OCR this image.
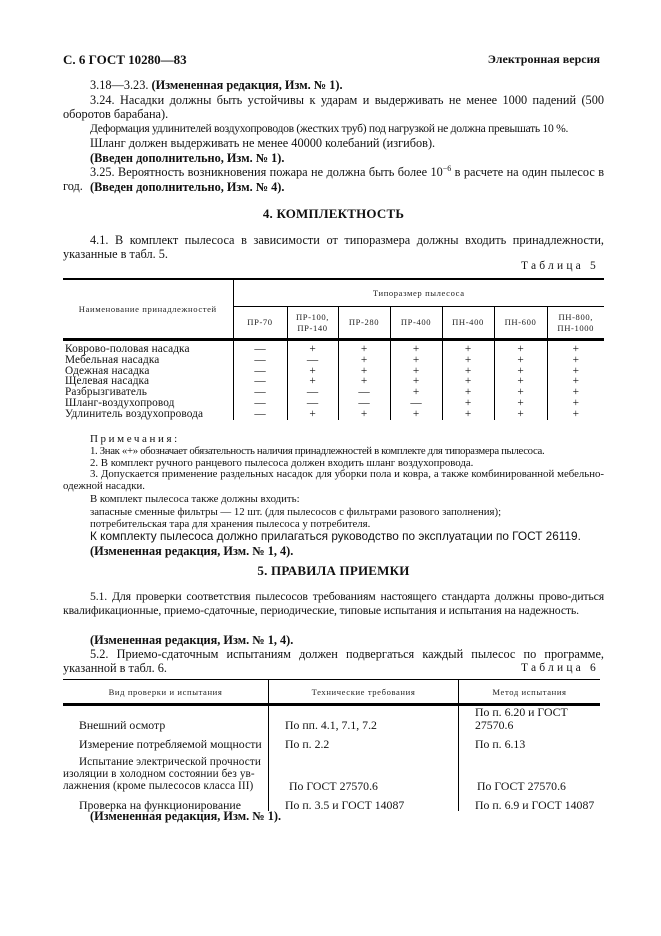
С. 6 ГОСТ 10280—83	Электронная версия
3.18—3.23. (Измененная редакция, Изм. № 1).
3.24. Насадки должны быть устойчивы к ударам и выдерживать не менее 1000 падений (500 оборотов барабана).
Деформация удлинителей воздухопроводов (жестких труб) под нагрузкой не должна превышать 10 %.
Шланг должен выдерживать не менее 40000 колебаний (изгибов).
(Введен дополнительно, Изм. № 1).
3.25. Вероятность возникновения пожара не должна быть более $10^{-6}$ в расчете на один пылесос в год. (Введен дополнительно, Изм. № 4).
4. КОМПЛЕКТНОСТЬ
4.1. В комплект пылесоса в зависимости от типоразмера должны входить принадлежности, указанные в табл. 5.
Таблица 5
Наименование принадлежностей	Типоразмер пылесоса						
	ПР-70	ПР-100,
ПР-140	ПР-280	ПР-400	ПН-400	ПН-600	ПН-800,
ПН-1000
Коврово-половая насадка	—	+	+	+	+	+	+
Мебельная насадка	—	—	+	+	+	+	+
Одежная насадка	—	+	+	+	+	+	+
Щелевая насадка	—	+	+	+	+	+	+
Разбрызгиватель	—	—	—	+	+	+	+
Шланг-воздухопровод	—	—	—	—	+	+	+
Удлинитель воздухопровода	—	+	+	+	+	+	+
Примечания:
1. Знак «+» обозначает обязательность наличия принадлежностей в комплекте для типоразмера пылесоса.
2. В комплект ручного ранцевого пылесоса должен входить шланг воздухопровода.
3. Допускается применение раздельных насадок для уборки пола и ковра, а также комбинированной мебельно-одежной насадки.
В комплект пылесоса также должны входить:
запасные сменные фильтры — 12 шт. (для пылесосов с фильтрами разового заполнения);
потребительская тара для хранения пылесоса у потребителя.
К комплекту пылесоса должно прилагаться руководство по эксплуатации по ГОСТ 26119.
(Измененная редакция, Изм. № 1, 4).
5. ПРАВИЛА ПРИЕМКИ
5.1. Для проверки соответствия пылесосов требованиям настоящего стандарта должны прово-диться квалификационные, приемо-сдаточные, периодические, типовые испытания и испытания на надежность.
(Измененная редакция, Изм. № 1, 4).
5.2. Приемо-сдаточным испытаниям должен подвергаться каждый пылесос по программе, указанной в табл. 6.	Таблица 6
Вид проверки и испытания	Технические требования	Метод испытания

Внешний осмотр	По пп. 4.1, 7.1, 7.2	По п. 6.20 и ГОСТ 27570.6

Измерение потребляемой мощности	По п. 2.2	По п. 6.13

Испытание электрической прочности
изоляции в холодном состоянии без ув-
лажнения (кроме пылесосов класса III)	По ГОСТ 27570.6	По ГОСТ 27570.6

Проверка на функционирование	По п. 3.5 и ГОСТ 14087	По п. 6.9 и ГОСТ 14087
(Измененная редакция, Изм. № 1).
